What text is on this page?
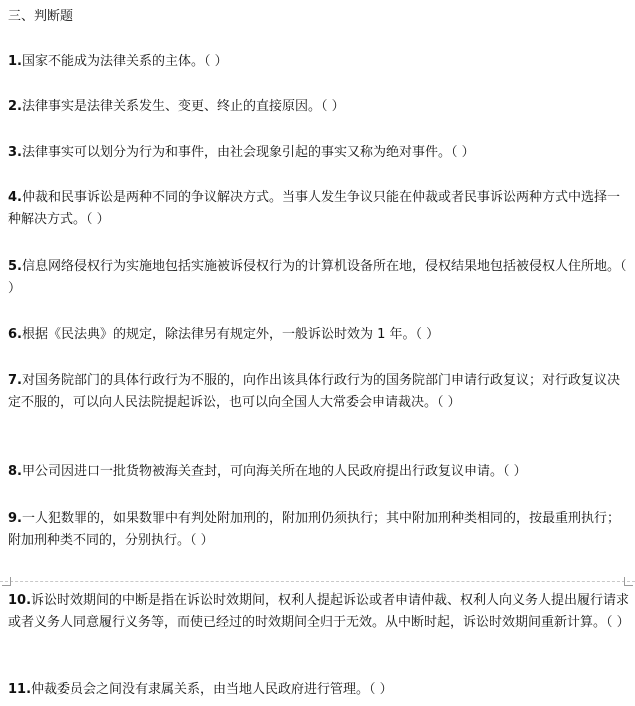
三、判断题
1.国家不能成为法律关系的主体。（ ）
2.法律事实是法律关系发生、变更、终止的直接原因。（ ）
3.法律事实可以划分为行为和事件，由社会现象引起的事实又称为绝对事件。（ ）
4.仲裁和民事诉讼是两种不同的争议解决方式。当事人发生争议只能在仲裁或者民事诉讼两种方式中选择一种解决方式。（ ）
5.信息网络侵权行为实施地包括实施被诉侵权行为的计算机设备所在地，侵权结果地包括被侵权人住所地。（ ）
6.根据《民法典》的规定，除法律另有规定外，一般诉讼时效为 1 年。（ ）
7.对国务院部门的具体行政行为不服的，向作出该具体行政行为的国务院部门申请行政复议；对行政复议决定不服的，可以向人民法院提起诉讼，也可以向全国人大常委会申请裁决。（ ）
8.甲公司因进口一批货物被海关查封，可向海关所在地的人民政府提出行政复议申请。（ ）
9.一人犯数罪的，如果数罪中有判处附加刑的，附加刑仍须执行；其中附加刑种类相同的，按最重刑执行；附加刑种类不同的，分别执行。（ ）
10.诉讼时效期间的中断是指在诉讼时效期间，权利人提起诉讼或者申请仲裁、权利人向义务人提出履行请求或者义务人同意履行义务等，而使已经过的时效期间全归于无效。从中断时起，诉讼时效期间重新计算。（ ）
11.仲裁委员会之间没有隶属关系，由当地人民政府进行管理。（ ）
